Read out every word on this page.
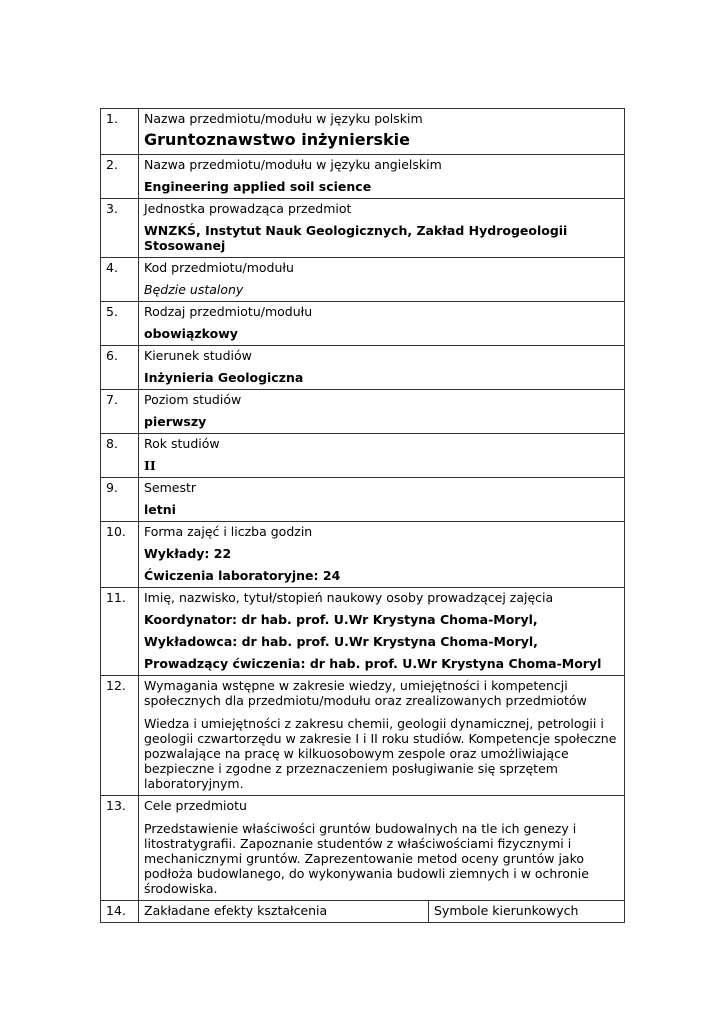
1.	Nazwa przedmiotu/modułu w języku polskim
Gruntoznawstwo inżynierskie	

2.	Nazwa przedmiotu/modułu w języku angielskim
Engineering applied soil science	

3.	Jednostka prowadząca przedmiot
WNZKŚ, Instytut Nauk Geologicznych, Zakład Hydrogeologii Stosowanej	

4.	Kod przedmiotu/modułu
Będzie ustalony	

5.	Rodzaj przedmiotu/modułu
obowiązkowy	

6.	Kierunek studiów
Inżynieria Geologiczna	

7.	Poziom studiów
pierwszy	

8.	Rok studiów
II	

9.	Semestr
letni	

10.	Forma zajęć i liczba godzin
Wykłady: 22
Ćwiczenia laboratoryjne: 24	

11.	Imię, nazwisko, tytuł/stopień naukowy osoby prowadzącej zajęcia
Koordynator: dr hab. prof. U.Wr Krystyna Choma-Moryl,
Wykładowca: dr hab. prof. U.Wr Krystyna Choma-Moryl,
Prowadzący ćwiczenia: dr hab. prof. U.Wr Krystyna Choma-Moryl	

12.	Wymagania wstępne w zakresie wiedzy, umiejętności i kompetencji społecznych dla przedmiotu/modułu oraz zrealizowanych przedmiotów
Wiedza i umiejętności z zakresu chemii, geologii dynamicznej, petrologii i geologii czwartorzędu w zakresie I i II roku studiów. Kompetencje społeczne pozwalające na pracę w kilkuosobowym zespole oraz umożliwiające bezpieczne i zgodne z przeznaczeniem posługiwanie się sprzętem laboratoryjnym.	

13.	Cele przedmiotu
Przedstawienie właściwości gruntów budowalnych na tle ich genezy i litostratygrafii. Zapoznanie studentów z właściwościami fizycznymi i mechanicznymi gruntów. Zaprezentowanie metod oceny gruntów jako podłoża budowlanego, do wykonywania budowli ziemnych i w ochronie środowiska.	

14.	Zakładane efekty kształcenia	Symbole kierunkowych
